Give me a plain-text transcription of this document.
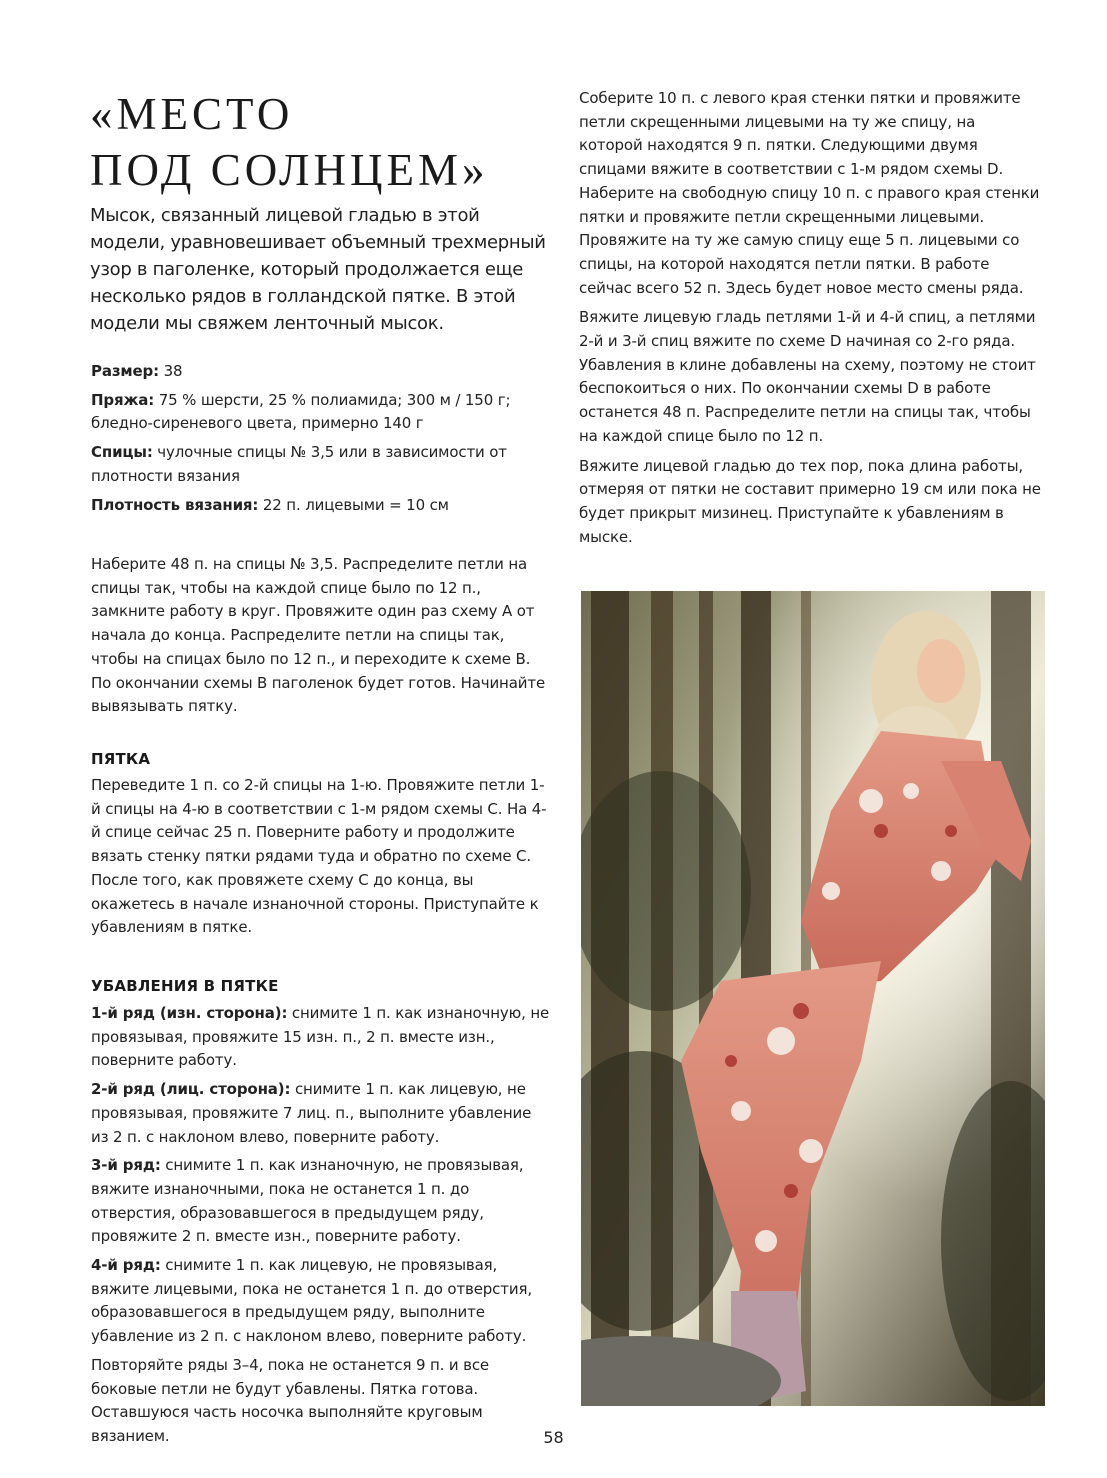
«МЕСТО
ПОД СОЛНЦЕМ»

Мысок, связанный лицевой гладью в этой модели, уравновешивает объемный трехмерный узор в паголенке, который продолжается еще несколько рядов в голландской пятке. В этой модели мы свяжем ленточный мысок.

Размер: 38
Пряжа: 75 % шерсти, 25 % полиамида; 300 м / 150 г; бледно-сиреневого цвета, примерно 140 г
Спицы: чулочные спицы № 3,5 или в зависимости от плотности вязания
Плотность вязания: 22 п. лицевыми = 10 см

Наберите 48 п. на спицы № 3,5. Распределите петли на спицы так, чтобы на каждой спице было по 12 п., замкните работу в круг. Провяжите один раз схему А от начала до конца. Распределите петли на спицы так, чтобы на спицах было по 12 п., и переходите к схеме В. По окончании схемы В паголенок будет готов. Начинайте вывязывать пятку.

ПЯТКА

Переведите 1 п. со 2-й спицы на 1-ю. Провяжите петли 1-й спицы на 4-ю в соответствии с 1-м рядом схемы С. На 4-й спице сейчас 25 п. Поверните работу и продолжите вязать стенку пятки рядами туда и обратно по схеме С. После того, как провяжете схему С до конца, вы окажетесь в начале изнаночной стороны. Приступайте к убавлениям в пятке.

УБАВЛЕНИЯ В ПЯТКЕ

1-й ряд (изн. сторона): снимите 1 п. как изнаночную, не провязывая, провяжите 15 изн. п., 2 п. вместе изн., поверните работу.

2-й ряд (лиц. сторона): снимите 1 п. как лицевую, не провязывая, провяжите 7 лиц. п., выполните убавление из 2 п. с наклоном влево, поверните работу.

3-й ряд: снимите 1 п. как изнаночную, не провязывая, вяжите изнаночными, пока не останется 1 п. до отверстия, образовавшегося в предыдущем ряду, провяжите 2 п. вместе изн., поверните работу.

4-й ряд: снимите 1 п. как лицевую, не провязывая, вяжите лицевыми, пока не останется 1 п. до отверстия, образовавшегося в предыдущем ряду, выполните убавление из 2 п. с наклоном влево, поверните работу.

Повторяйте ряды 3–4, пока не останется 9 п. и все боковые петли не будут убавлены. Пятка готова. Оставшуюся часть носочка выполняйте круговым вязанием.

Соберите 10 п. с левого края стенки пятки и провяжите петли скрещенными лицевыми на ту же спицу, на которой находятся 9 п. пятки. Следующими двумя спицами вяжите в соответствии с 1-м рядом схемы D. Наберите на свободную спицу 10 п. с правого края стенки пятки и провяжите петли скрещенными лицевыми. Провяжите на ту же самую спицу еще 5 п. лицевыми со спицы, на которой находятся петли пятки. В работе сейчас всего 52 п. Здесь будет новое место смены ряда.

Вяжите лицевую гладь петлями 1-й и 4-й спиц, а петлями 2-й и 3-й спиц вяжите по схеме D начиная со 2-го ряда. Убавления в клине добавлены на схему, поэтому не стоит беспокоиться о них. По окончании схемы D в работе останется 48 п. Распределите петли на спицы так, чтобы на каждой спице было по 12 п.

Вяжите лицевой гладью до тех пор, пока длина работы, отмеряя от пятки не составит примерно 19 см или пока не будет прикрыт мизинец. Приступайте к убавлениям в мыске.

58
